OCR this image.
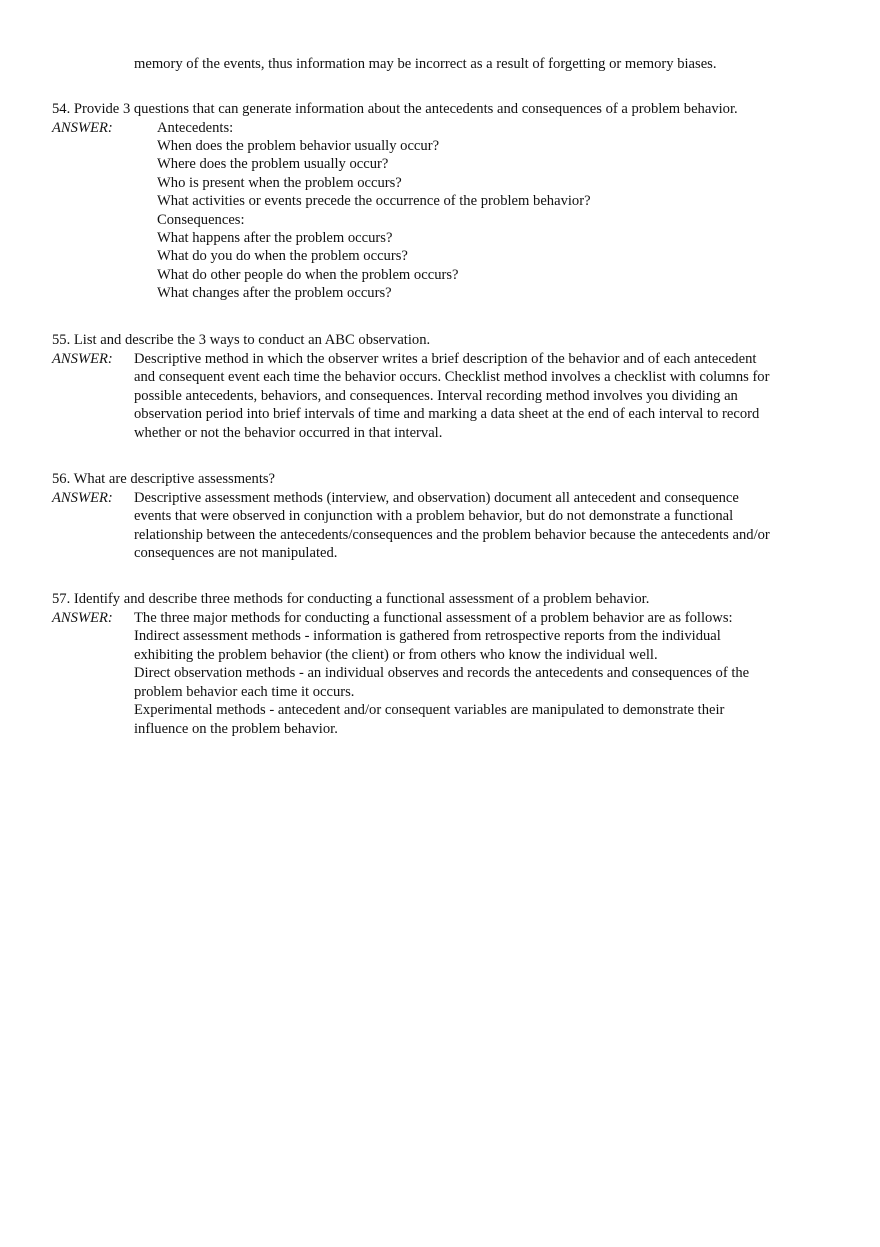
memory of the events, thus information may be incorrect as a result of forgetting or memory biases.
54. Provide 3 questions that can generate information about the antecedents and consequences of a problem behavior.
ANSWER:	Antecedents:
When does the problem behavior usually occur?
Where does the problem usually occur?
Who is present when the problem occurs?
What activities or events precede the occurrence of the problem behavior?
Consequences:
What happens after the problem occurs?
What do you do when the problem occurs?
What do other people do when the problem occurs?
What changes after the problem occurs?
55. List and describe the 3 ways to conduct an ABC observation.
ANSWER:	Descriptive method in which the observer writes a brief description of the behavior and of each antecedent
and consequent event each time the behavior occurs. Checklist method involves a checklist with columns for
possible antecedents, behaviors, and consequences. Interval recording method involves you dividing an
observation period into brief intervals of time and marking a data sheet at the end of each interval to record
whether or not the behavior occurred in that interval.
56. What are descriptive assessments?
ANSWER:	Descriptive assessment methods (interview, and observation) document all antecedent and consequence
events that were observed in conjunction with a problem behavior, but do not demonstrate a functional
relationship between the antecedents/consequences and the problem behavior because the antecedents and/or
consequences are not manipulated.
57. Identify and describe three methods for conducting a functional assessment of a problem behavior.
ANSWER:	The three major methods for conducting a functional assessment of a problem behavior are as follows:
Indirect assessment methods - information is gathered from retrospective reports from the individual
exhibiting the problem behavior (the client) or from others who know the individual well.
Direct observation methods - an individual observes and records the antecedents and consequences of the
problem behavior each time it occurs.
Experimental methods - antecedent and/or consequent variables are manipulated to demonstrate their
influence on the problem behavior.
